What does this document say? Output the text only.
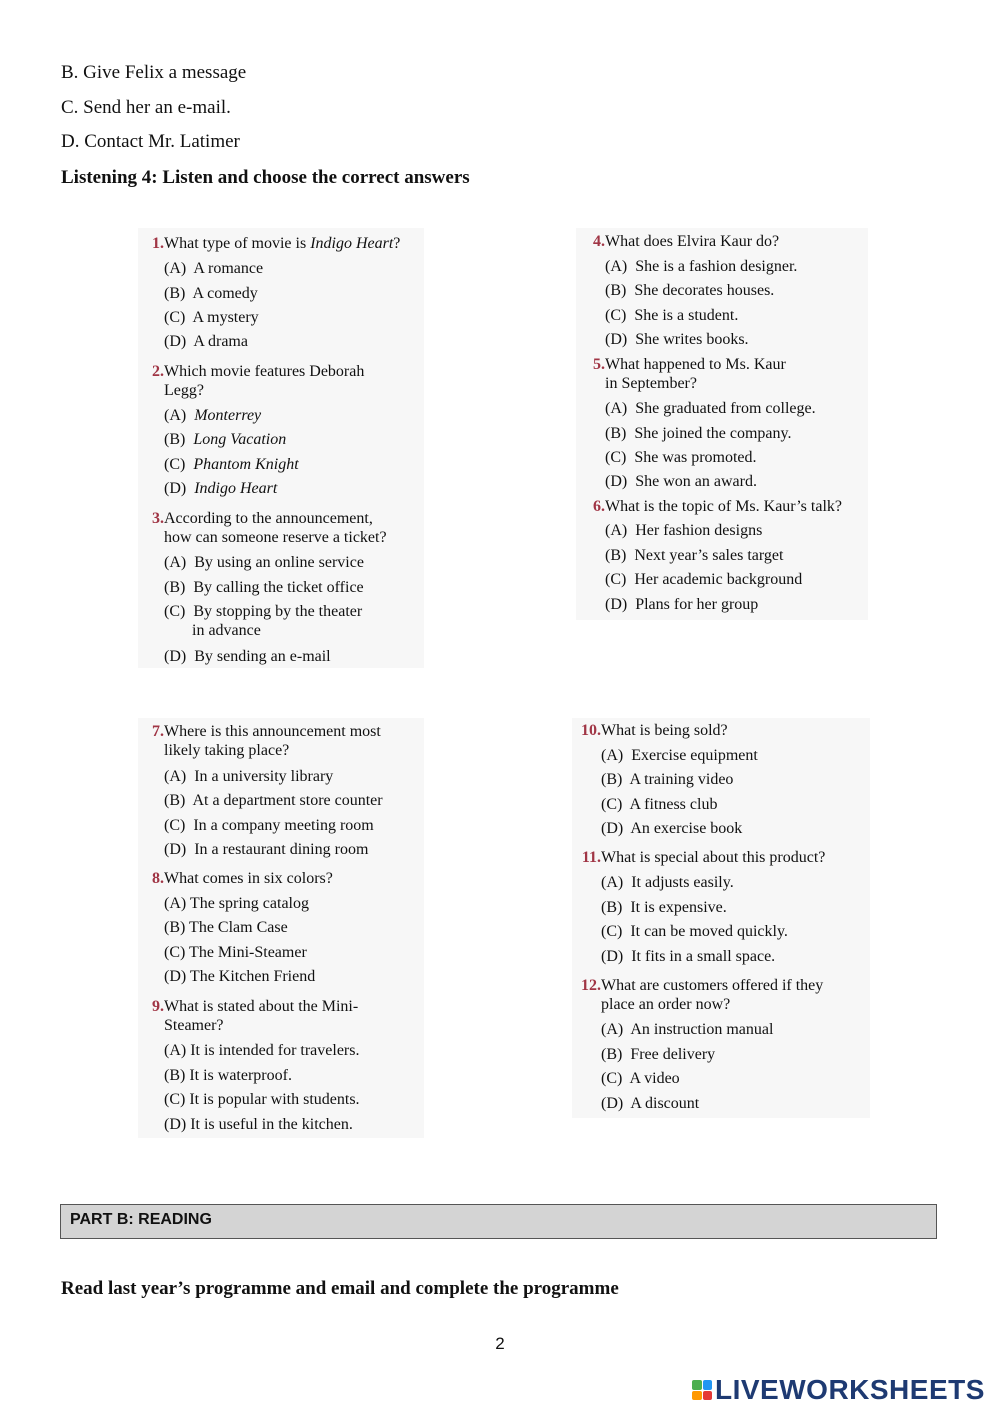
B. Give Felix a message
C. Send her an e-mail.
D. Contact Mr. Latimer
Listening 4: Listen and choose the correct answers
PART B: READING
Read last year’s programme and email and complete the programme
2
LIVEWORKSHEETS
1. What type of movie is Indigo Heart?
(A)  A romance
(B)  A comedy
(C)  A mystery
(D)  A drama
2. Which movie features Deborah
Legg?
(A)  Monterrey
(B)  Long Vacation
(C)  Phantom Knight
(D)  Indigo Heart
3. According to the announcement,
how can someone reserve a ticket?
(A)  By using an online service
(B)  By calling the ticket office
(C)  By stopping by the theater
in advance
(D)  By sending an e-mail
4. What does Elvira Kaur do?
(A)  She is a fashion designer.
(B)  She decorates houses.
(C)  She is a student.
(D)  She writes books.
5. What happened to Ms. Kaur
in September?
(A)  She graduated from college.
(B)  She joined the company.
(C)  She was promoted.
(D)  She won an award.
6. What is the topic of Ms. Kaur’s talk?
(A)  Her fashion designs
(B)  Next year’s sales target
(C)  Her academic background
(D)  Plans for her group
7. Where is this announcement most
likely taking place?
(A)  In a university library
(B)  At a department store counter
(C)  In a company meeting room
(D)  In a restaurant dining room
8. What comes in six colors?
(A) The spring catalog
(B) The Clam Case
(C) The Mini-Steamer
(D) The Kitchen Friend
9. What is stated about the Mini-
Steamer?
(A) It is intended for travelers.
(B) It is waterproof.
(C) It is popular with students.
(D) It is useful in the kitchen.
10. What is being sold?
(A)  Exercise equipment
(B)  A training video
(C)  A fitness club
(D)  An exercise book
11. What is special about this product?
(A)  It adjusts easily.
(B)  It is expensive.
(C)  It can be moved quickly.
(D)  It fits in a small space.
12. What are customers offered if they
place an order now?
(A)  An instruction manual
(B)  Free delivery
(C)  A video
(D)  A discount
